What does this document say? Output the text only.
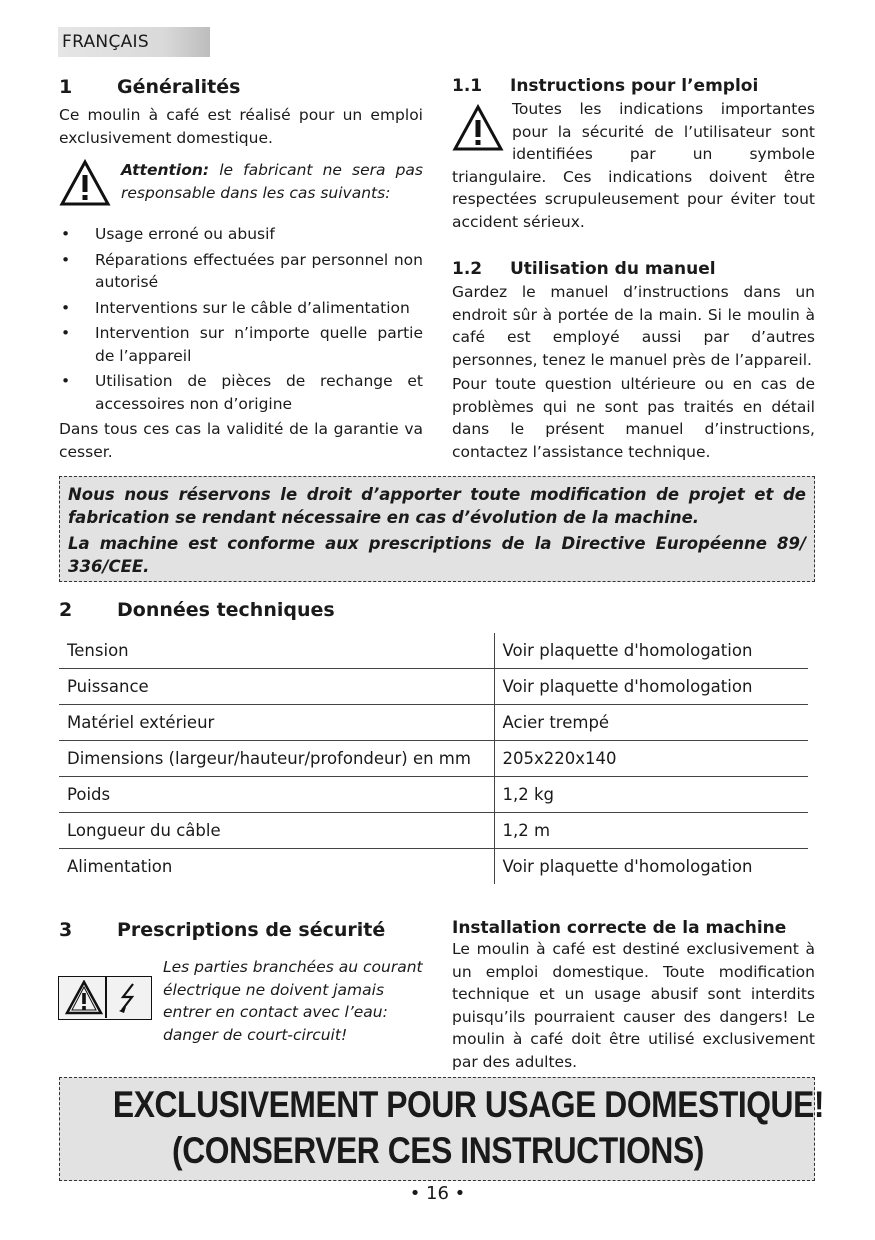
FRANÇAIS
1 Généralités
Ce moulin à café est réalisé pour un emploi exclusivement domestique.
Attention: le fabricant ne sera pas responsable dans les cas suivants:
• Usage erroné ou abusif
• Réparations effectuées par personnel non autorisé
• Interventions sur le câble d’alimentation
• Intervention sur n’importe quelle partie de l’appareil
• Utilisation de pièces de rechange et accessoires non d’origine
Dans tous ces cas la validité de la garantie va cesser.
1.1 Instructions pour l’emploi
Toutes les indications importantes pour la sécurité de l’utilisateur sont identifiées par un symbole triangulaire. Ces indications doivent être respectées scrupuleusement pour éviter tout accident sérieux.
1.2 Utilisation du manuel
Gardez le manuel d’instructions dans un endroit sûr à portée de la main. Si le moulin à café est employé aussi par d’autres personnes, tenez le manuel près de l’appareil.
Pour toute question ultérieure ou en cas de problèmes qui ne sont pas traités en détail dans le présent manuel d’instructions, contactez l’assistance technique.
Nous nous réservons le droit d’apporter toute modification de projet et de fabrication se rendant nécessaire en cas d’évolution de la machine.
La machine est conforme aux prescriptions de la Directive Européenne 89/ 336/CEE.
2 Données techniques
Tension	Voir plaquette d'homologation
Puissance	Voir plaquette d'homologation
Matériel extérieur	Acier trempé
Dimensions (largeur/hauteur/profondeur) en mm	205x220x140
Poids	1,2 kg
Longueur du câble	1,2 m
Alimentation	Voir plaquette d'homologation
3 Prescriptions de sécurité
Les parties branchées au courant électrique ne doivent jamais entrer en contact avec l’eau: danger de court-circuit!
Installation correcte de la machine
Le moulin à café est destiné exclusivement à un emploi domestique. Toute modification technique et un usage abusif sont interdits puisqu’ils pourraient causer des dangers! Le moulin à café doit être utilisé exclusivement par des adultes.
EXCLUSIVEMENT POUR USAGE DOMESTIQUE!
(CONSERVER CES INSTRUCTIONS)
• 16 •
